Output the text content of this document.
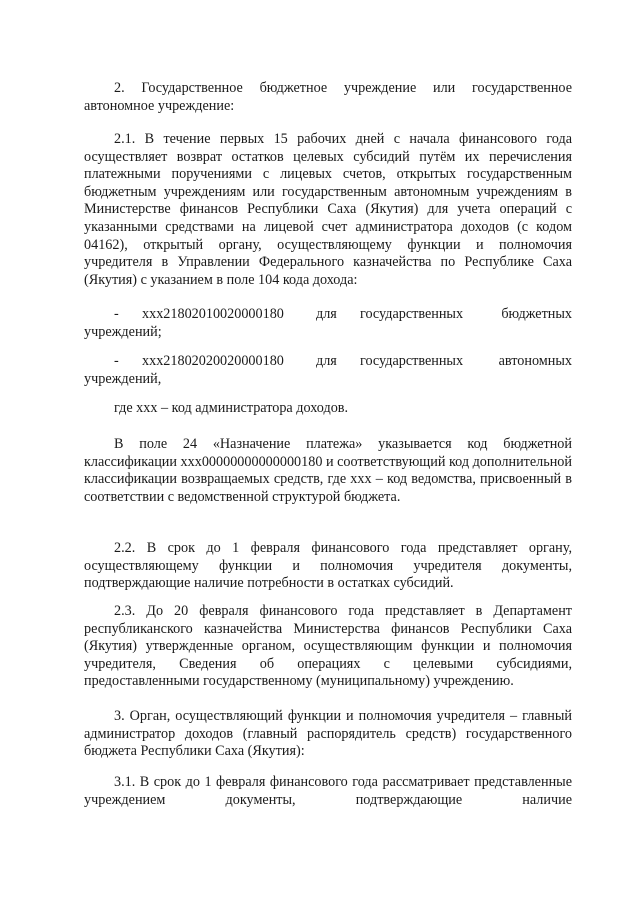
2. Государственное бюджетное учреждение или государственное автономное учреждение:

2.1. В течение первых 15 рабочих дней с начала финансового года осуществляет возврат остатков целевых субсидий путём их перечисления платежными поручениями с лицевых счетов, открытых государственным бюджетным учреждениям или государственным автономным учреждениям в Министерстве финансов Республики Саха (Якутия) для учета операций с указанными средствами на лицевой счет администратора доходов (с кодом 04162), открытый органу, осуществляющему функции и полномочия учредителя в Управлении Федерального казначейства по Республике Саха (Якутия) с указанием в поле 104 кода дохода:

- ххх21802010020000180 для государственных	бюджетных
учреждений;
- ххх21802020020000180 для государственных	автономных
учреждений,

где ххх – код администратора доходов.

В поле 24 «Назначение платежа» указывается код бюджетной классификации ххх00000000000000180 и соответствующий код дополнительной классификации возвращаемых средств, где ххх – код ведомства, присвоенный в соответствии с ведомственной структурой бюджета.

2.2. В срок до 1 февраля финансового года представляет органу, осуществляющему функции и полномочия учредителя документы, подтверждающие наличие потребности в остатках субсидий.

2.3. До 20 февраля финансового года представляет в Департамент республиканского казначейства Министерства финансов Республики Саха (Якутия) утвержденные органом, осуществляющим функции и полномочия учредителя, Сведения об операциях с целевыми субсидиями, предоставленными государственному (муниципальному) учреждению.

3. Орган, осуществляющий функции и полномочия учредителя – главный администратор доходов (главный распорядитель средств) государственного бюджета Республики Саха (Якутия):

3.1. В срок до 1 февраля финансового года рассматривает представленные учреждением документы, подтверждающие наличие
